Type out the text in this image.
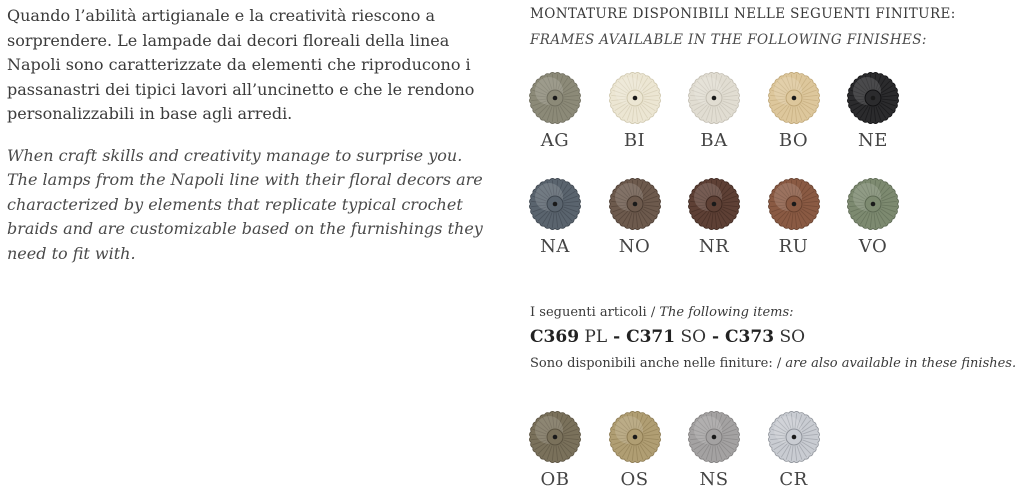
Quando l’abilità artigianale e la creatività riescono a sorprendere. Le lampade dai decori floreali della linea Napoli sono caratterizzate da elementi che riproducono i passanastri dei tipici lavori all’uncinetto e che le rendono personalizzabili in base agli arredi.

When craft skills and creativity manage to surprise you. The lamps from the Napoli line with their floral decors are characterized by elements that replicate typical crochet braids and are customizable based on the furnishings they need to fit with.

MONTATURE DISPONIBILI NELLE SEGUENTI FINITURE:
FRAMES AVAILABLE IN THE FOLLOWING FINISHES:
AG	BI	BA	BO	NE
NA	NO	NR	RU	VO
I seguenti articoli / The following items:
C369 PL - C371 SO - C373 SO
Sono disponibili anche nelle finiture: / are also available in these finishes.
OB	OS	NS	CR
